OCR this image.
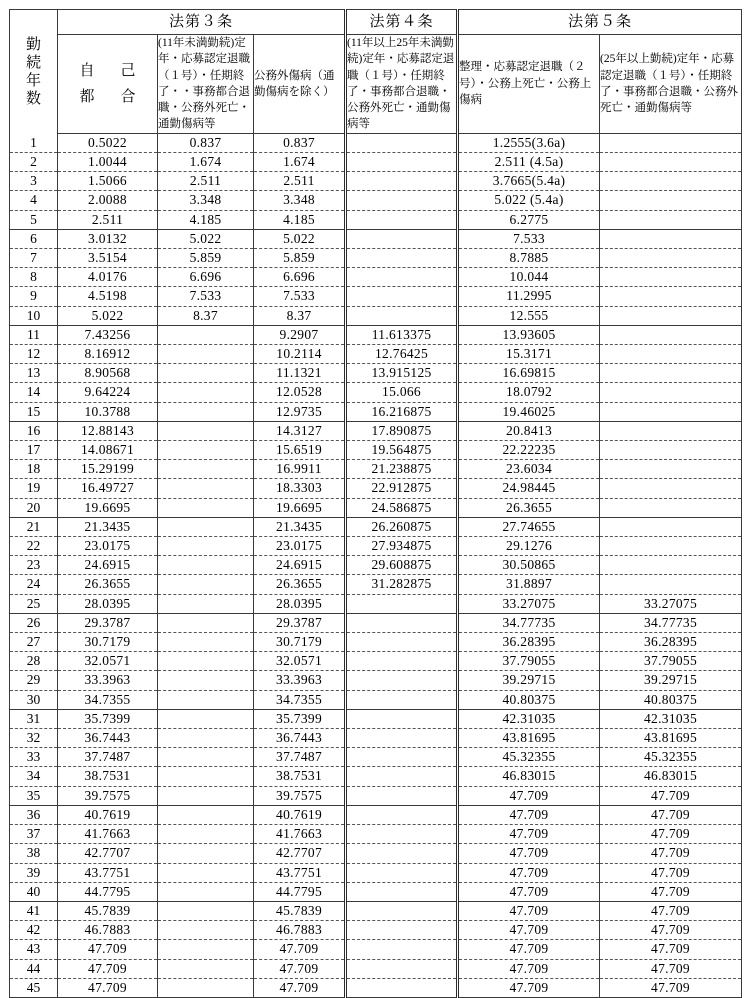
勤
続
年
数	法第３条			法第４条	法第５条	

	自 己
都 合	(11年未満勤続)定年・応募認定退職（１号）・任期終了・・事務都合退職・公務外死亡・通勤傷病等	公務外傷病（通勤傷病を除く）	(11年以上25年未満勤続)定年・応募認定退職（１号）・任期終了・事務都合退職・公務外死亡・通勤傷病等	整理・応募認定退職（２号）・公務上死亡・公務上傷病	(25年以上勤続)定年・応募認定退職（１号）・任期終了・事務都合退職・公務外死亡・通勤傷病等
1	0.5022	0.837	0.837		1.2555(3.6a)	
2	1.0044	1.674	1.674		2.511 (4.5a)	
3	1.5066	2.511	2.511		3.7665(5.4a)	
4	2.0088	3.348	3.348		5.022 (5.4a)	
5	2.511	4.185	4.185		6.2775	
6	3.0132	5.022	5.022		7.533	
7	3.5154	5.859	5.859		8.7885	
8	4.0176	6.696	6.696		10.044	
9	4.5198	7.533	7.533		11.2995	
10	5.022	8.37	8.37		12.555	
11	7.43256		9.2907	11.613375	13.93605	
12	8.16912		10.2114	12.76425	15.3171	
13	8.90568		11.1321	13.915125	16.69815	
14	9.64224		12.0528	15.066	18.0792	
15	10.3788		12.9735	16.216875	19.46025	
16	12.88143		14.3127	17.890875	20.8413	
17	14.08671		15.6519	19.564875	22.22235	
18	15.29199		16.9911	21.238875	23.6034	
19	16.49727		18.3303	22.912875	24.98445	
20	19.6695		19.6695	24.586875	26.3655	
21	21.3435		21.3435	26.260875	27.74655	
22	23.0175		23.0175	27.934875	29.1276	
23	24.6915		24.6915	29.608875	30.50865	
24	26.3655		26.3655	31.282875	31.8897	
25	28.0395		28.0395		33.27075	33.27075
26	29.3787		29.3787		34.77735	34.77735
27	30.7179		30.7179		36.28395	36.28395
28	32.0571		32.0571		37.79055	37.79055
29	33.3963		33.3963		39.29715	39.29715
30	34.7355		34.7355		40.80375	40.80375
31	35.7399		35.7399		42.31035	42.31035
32	36.7443		36.7443		43.81695	43.81695
33	37.7487		37.7487		45.32355	45.32355
34	38.7531		38.7531		46.83015	46.83015
35	39.7575		39.7575		47.709	47.709
36	40.7619		40.7619		47.709	47.709
37	41.7663		41.7663		47.709	47.709
38	42.7707		42.7707		47.709	47.709
39	43.7751		43.7751		47.709	47.709
40	44.7795		44.7795		47.709	47.709
41	45.7839		45.7839		47.709	47.709
42	46.7883		46.7883		47.709	47.709
43	47.709		47.709		47.709	47.709
44	47.709		47.709		47.709	47.709
45	47.709		47.709		47.709	47.709
